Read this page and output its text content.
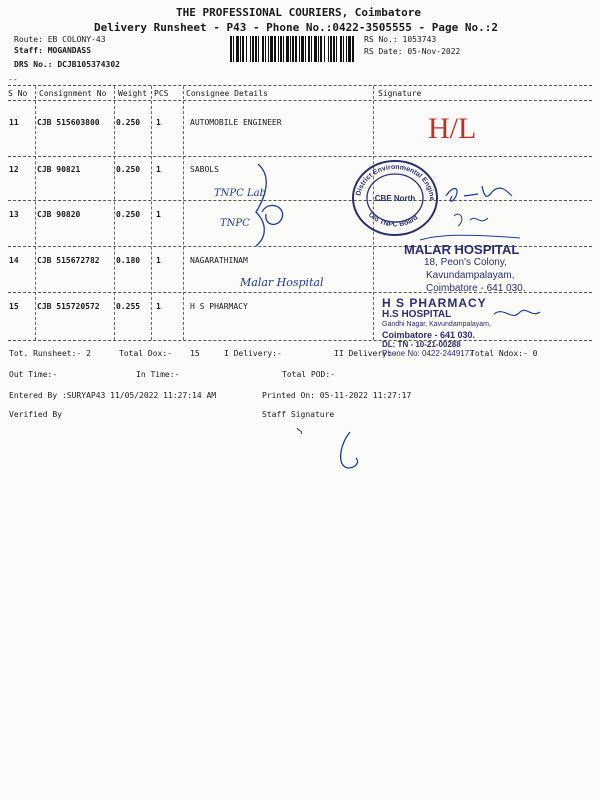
THE PROFESSIONAL COURIERS, Coimbatore
Delivery Runsheet - P43 - Phone No.:0422-3505555 - Page No.:2
Route: EB COLONY-43
Staff: MOGANDASS
DRS No.: DCJB105374302
RS No.: 1053743
RS Date: 05-Nov-2022
--
S No Consignment No Weight PCS Consignee Details	Signature
11 CJB 515603800 0.250 1	AUTOMOBILE ENGINEER
12 CJB 90821	0.250 1	SABOLS
13 CJB 90820	0.250 1
14 CJB 515672782 0.180 1	NAGARATHINAM
15 CJB 515720572 0.255 1	H S PHARMACY
Tot. Runsheet:- 2	Total Dox:- 15	I Delivery:-	II Delivery:-	Total Ndox:- 0
Out Time:-	In Time:-	Total POD:-
Entered By :SURYAP43 11/05/2022 11:27:14 AM	Printed On: 05-11-2022 11:27:17
Verified By	Staff Signature
District Environmental Engine
O/o TNPC Board
CBE North
MALAR HOSPITAL
18, Peon's Colony,
Kavundampalayam,
Coimbatore - 641 030.
H S PHARMACY
H.S HOSPITAL
Gandhi Nagar, Kavundampalayam,
Coimbatore - 641 030.
DL: TN - 10-21-00288
Phone No: 0422-2449177
H/L
TNPC Lab
TNPC
Malar Hospital
